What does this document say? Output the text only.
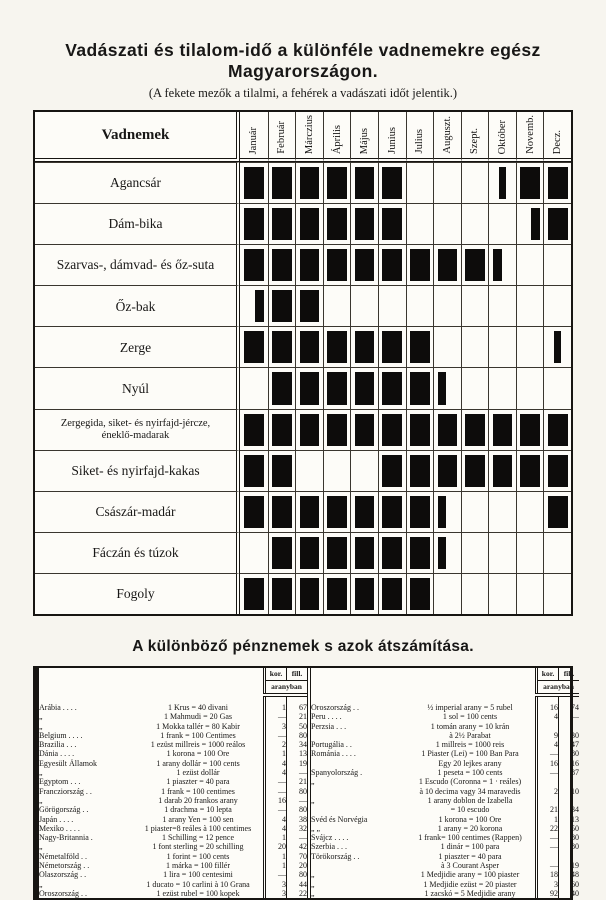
Vadászati és tilalom-idő a különféle vadnemekre egész Magyarországon.
(A fekete mezők a tilalmi, a fehérek a vadászati időt jelentik.)
Vadnemek	Január Február Márczius Április Május Junius Julius Auguszt. Szept. Október Novemb. Decz.
Agancsár
Dám-bika
Szarvas-, dámvad- és őz-suta
Őz-bak
Zerge
Nyúl
Zergegida, siket- és nyirfajd-jércze,
éneklő-madarak
Siket- és nyirfajd-kakas
Császár-madár
Fáczán és túzok
Fogoly
A különböző pénznemek s azok átszámítása.
		kor.	fill.
		aranyban	

Arábia . . . .	1 Krus = 40 divani	1	67
„	1 Mahmudi = 20 Gas	—	21
„	1 Mokka tallér = 80 Kabir	3	50
Belgium . . . .	1 frank = 100 Centimes	—	80
Brazilia . . .	1 ezüst millreis = 1000 reálos	2	34
Dánia . . . .	1 korona = 100 Ore	1	13
Egyesült Államok	1 arany dollár = 100 cents	4	19
„	1 ezüst dollár	4	—
Egyptom . . .	1 piaszter = 40 para	—	21
Francziország . .	1 frank = 100 centimes	—	80
„	1 darab 20 frankos arany	16	—
Görögország . .	1 drachma = 10 lepta	—	80
Japán . . . .	1 arany Yen = 100 sen	4	38
Mexiko . . . .	1 piaster=8 reáles à 100 centimes	4	32
Nagy-Britannia .	1 Schilling = 12 pence	1	—
„	1 font sterling = 20 schilling	20	42
Németalföld . .	1 forint = 100 cents	1	70
Németország . .	1 márka = 100 fillér	1	20
Olaszország . .	1 lira = 100 centesimi	—	80
„	1 ducato = 10 carlini à 10 Grana	3	44
Oroszország . .	1 ezüst rubel = 100 kopek	3	22
		kor.	fill.
		aranyban	

Oroszország . .	½ imperial arany = 5 rubel	16	74
Peru . . . .	1 sol = 100 cents	4	—
Perzsia . . .	1 tomán arany = 10 krán		
	à 2½ Parabat	9	30
Portugália . .	1 millreis = 1000 reis	4	47
Románia . . . .	1 Piaster (Lei) = 100 Ban Para	—	80
	Egy 20 lejkes arany	16	16
Spanyolország .	1 peseta = 100 cents	—	87
„	1 Escudo (Coronna = 1 · reáles)		
	à 10 decima vagy 34 maravedis	2	10
„	1 arany doblon de Izabella		
	= 10 escudo	21	34
Svéd és Norvégia	1 korona = 100 Ore	1	13
„ „	1 arany = 20 korona	22	50
Svájcz . . . .	1 frank= 100 centimes (Rappen)	—	80
Szerbia . . .	1 dinár = 100 para	—	80
Törökország . .	1 piaszter = 40 para		
	à 3 Courant Asper	—	19
„	1 Medjidie arany = 100 piaster	18	48
„	1 Medjidie ezüst = 20 piaster	3	60
„	1 zacskó = 5 Medjidie arany	92	40
